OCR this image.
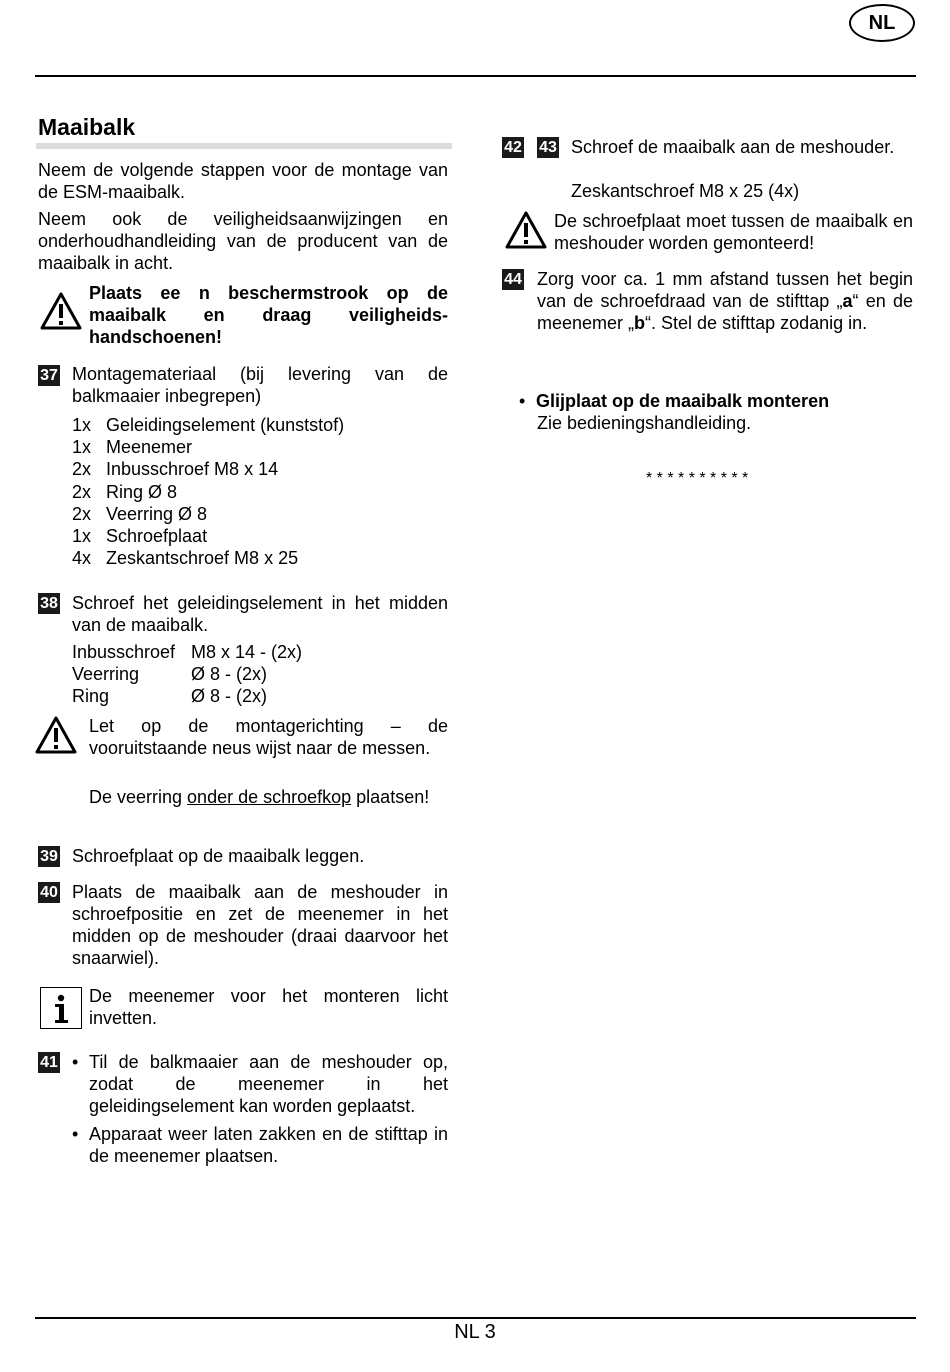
NL
NL 3
Maaibalk
Neem de volgende stappen voor de montage van de ESM-maaibalk.
Neem ook de veiligheidsaanwijzingen en onderhoudhandleiding van de producent van de maaibalk in acht.
Plaats ee n beschermstrook op de maaibalk en draag veiligheids-handschoenen!
37 Montagemateriaal (bij levering van de balkmaaier inbegrepen)
1x Geleidingselement (kunststof)
1x Meenemer
2x Inbusschroef M8 x 14
2x Ring Ø 8
2x Veerring Ø 8
1x Schroefplaat
4x Zeskantschroef M8 x 25
38 Schroef het geleidingselement in het midden van de maaibalk.
Inbusschroef M8 x 14 - (2x)
Veerring	Ø 8 - (2x)
Ring	Ø 8 - (2x)
Let op de montagerichting – de vooruitstaande neus wijst naar de messen.
De veerring onder de schroefkop plaatsen!
39 Schroefplaat op de maaibalk leggen.
40 Plaats de maaibalk aan de meshouder in schroefpositie en zet de meenemer in het midden op de meshouder (draai daarvoor het snaarwiel).
De meenemer voor het monteren licht invetten.
41 • Til de balkmaaier aan de meshouder op, zodat de meenemer in het geleidingselement kan worden geplaatst.
• Apparaat weer laten zakken en de stifttap in de meenemer plaatsen.
42 43 Schroef de maaibalk aan de meshouder.
Zeskantschroef M8 x 25 (4x)
De schroefplaat moet tussen de maaibalk en meshouder worden gemonteerd!
44 Zorg voor ca. 1 mm afstand tussen het begin van de schroefdraad van de stifttap „a“ en de meenemer „b“. Stel de stifttap zodanig in.
• Glijplaat op de maaibalk monteren
Zie bedieningshandleiding.
* * * * * * * * * *
